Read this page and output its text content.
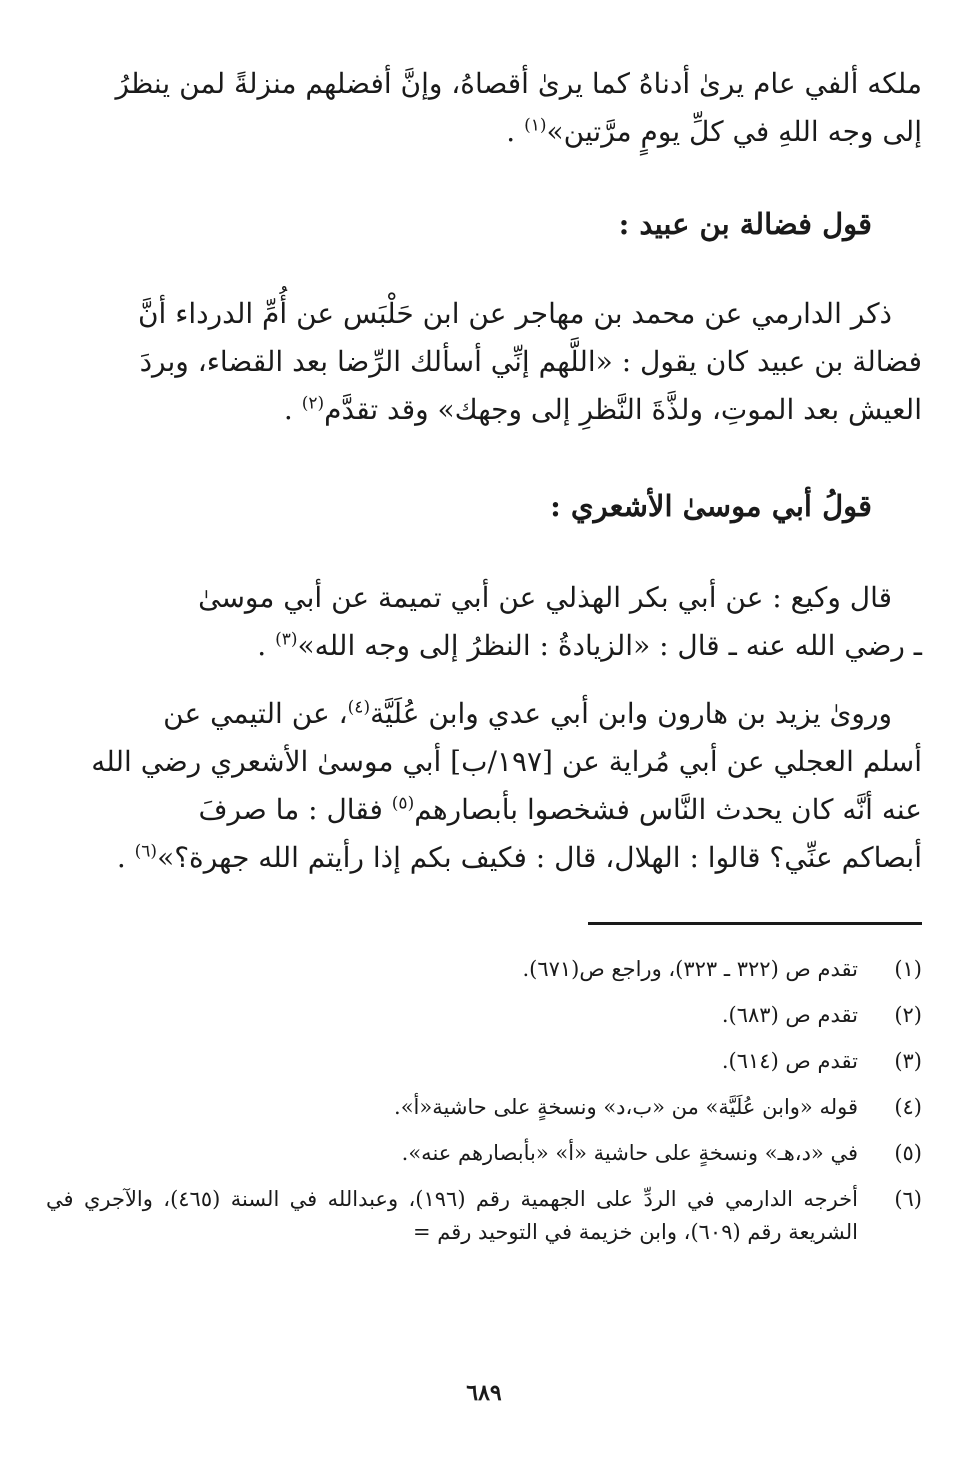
ملكه ألفي عام يرىٰ أدناهُ كما يرىٰ أقصاهُ، وإنَّ أفضلهم منزلةً لمن ينظرُ
إلى وجه اللهِ في كلِّ يومٍ مرَّتين»$^{(١)}$ .

قول فضالة بن عبيد :

ذكر الدارمي عن محمد بن مهاجر عن ابن حَلْبَس عن أُمِّ الدرداء أنَّ
فضالة بن عبيد كان يقول : «اللَّهم إنِّي أسألك الرِّضا بعد القضاء، وبردَ
العيش بعد الموتِ، ولذَّةَ النَّظرِ إلى وجهك» وقد تقدَّم$^{(٢)}$ .

قولُ أبي موسىٰ الأشعري :

قال وكيع : عن أبي بكر الهذلي عن أبي تميمة عن أبي موسىٰ
ـ رضي الله عنه ـ قال : «الزيادةُ : النظرُ إلى وجه الله»$^{(٣)}$ .

وروىٰ يزيد بن هارون وابن أبي عدي وابن عُلَيَّة$^{(٤)}$، عن التيمي عن
أسلم العجلي عن أبي مُراية عن [١٩٧/ب] أبي موسىٰ الأشعري رضي الله
عنه أنَّه كان يحدث النَّاس فشخصوا بأبصارهم$^{(٥)}$ فقال : ما صرفَ
أبصاكم عنِّي؟ قالوا : الهلال، قال : فكيف بكم إذا رأيتم الله جهرة؟»$^{(٦)}$ .

(١)
تقدم ص (٣٢٢ ـ ٣٢٣)، وراجع ص(٦٧١).
(٢)
تقدم ص (٦٨٣).
(٣)
تقدم ص (٦١٤).
(٤)
قوله «وابن عُلَيَّة» من «ب،د» ونسخةٍ على حاشية«أ».
(٥)
في «د،هـ» ونسخةٍ على حاشية «أ» «بأبصارهم عنه».
(٦)
أخرجه الدارمي في الردِّ على الجهمية رقم (١٩٦)، وعبدالله في السنة (٤٦٥)، والآجري في الشريعة رقم (٦٠٩)، وابن خزيمة في التوحيد رقم =
٦٨٩
